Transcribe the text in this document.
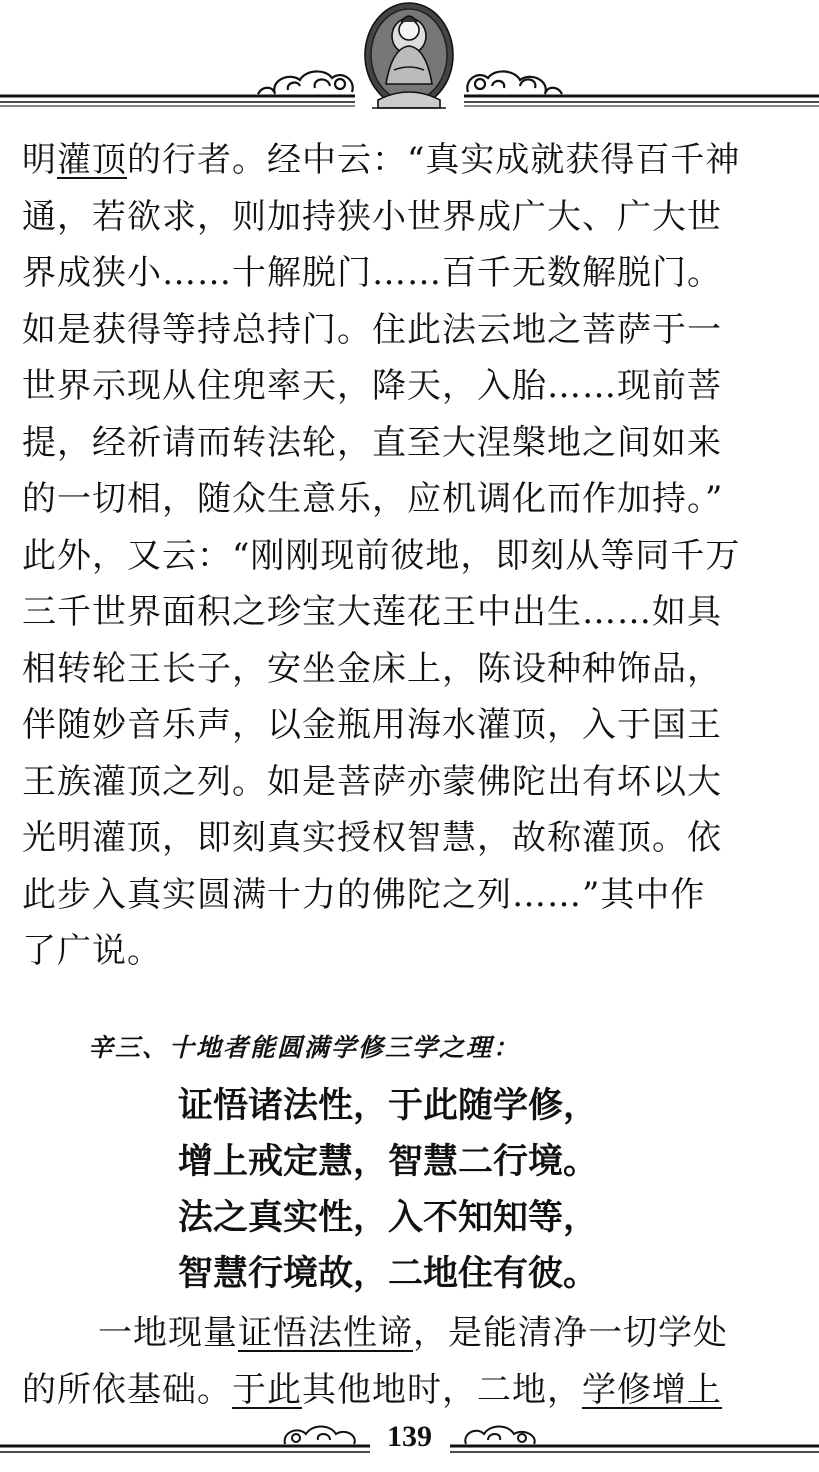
明灌顶的行者。经中云：“真实成就获得百千神
通，若欲求，则加持狭小世界成广大、广大世
界成狭小……十解脱门……百千无数解脱门。
如是获得等持总持门。住此法云地之菩萨于一
世界示现从住兜率天，降天，入胎……现前菩
提，经祈请而转法轮，直至大涅槃地之间如来
的一切相，随众生意乐，应机调化而作加持。”
此外，又云：“刚刚现前彼地，即刻从等同千万
三千世界面积之珍宝大莲花王中出生……如具
相转轮王长子，安坐金床上，陈设种种饰品，
伴随妙音乐声，以金瓶用海水灌顶，入于国王
王族灌顶之列。如是菩萨亦蒙佛陀出有坏以大
光明灌顶，即刻真实授权智慧，故称灌顶。依
此步入真实圆满十力的佛陀之列……”其中作
了广说。
辛三、十地者能圆满学修三学之理：
证悟诸法性，于此随学修，
增上戒定慧，智慧二行境。
法之真实性，入不知知等，
智慧行境故，二地住有彼。
一地现量证悟法性谛，是能清净一切学处
的所依基础。于此其他地时，二地，学修增上
139
